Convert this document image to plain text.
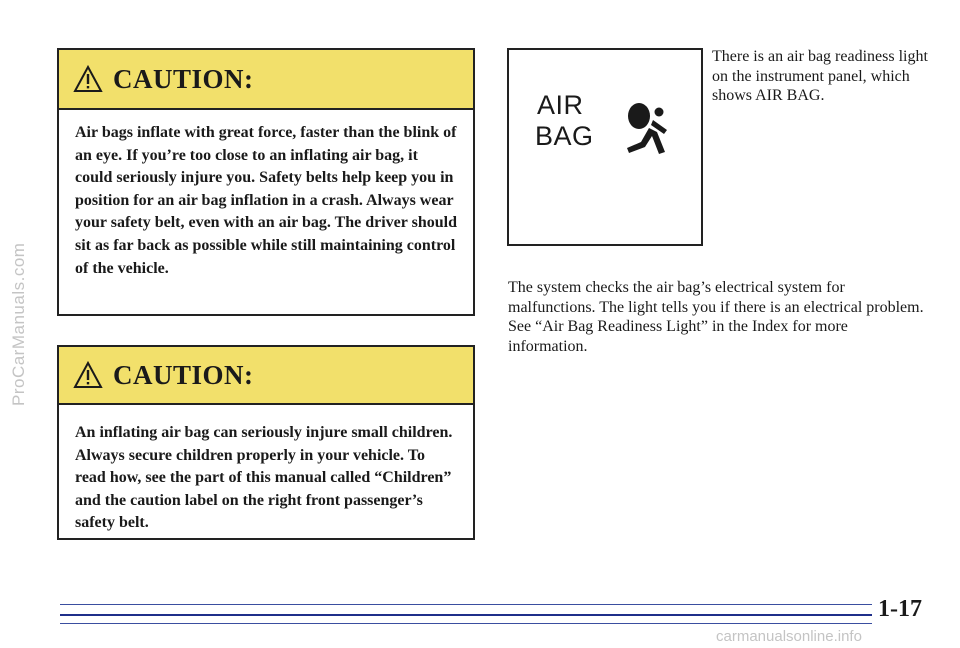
ProCarManuals.com
CAUTION:
Air bags inflate with great force, faster than the blink of an eye. If you’re too close to an inflating air bag, it could seriously injure you. Safety belts help keep you in position for an air bag inflation in a crash. Always wear your safety belt, even with an air bag. The driver should sit as far back as possible while still maintaining control of the vehicle.
CAUTION:
An inflating air bag can seriously injure small children. Always secure children properly in your vehicle. To read how, see the part of this manual called “Children” and the caution label on the right front passenger’s safety belt.
AIR
BAG
There is an air bag readiness light on the instrument panel, which shows AIR BAG.
The system checks the air bag’s electrical system for malfunctions. The light tells you if there is an electrical problem. See “Air Bag Readiness Light” in the Index for more information.
1-17
carmanualsonline.info
